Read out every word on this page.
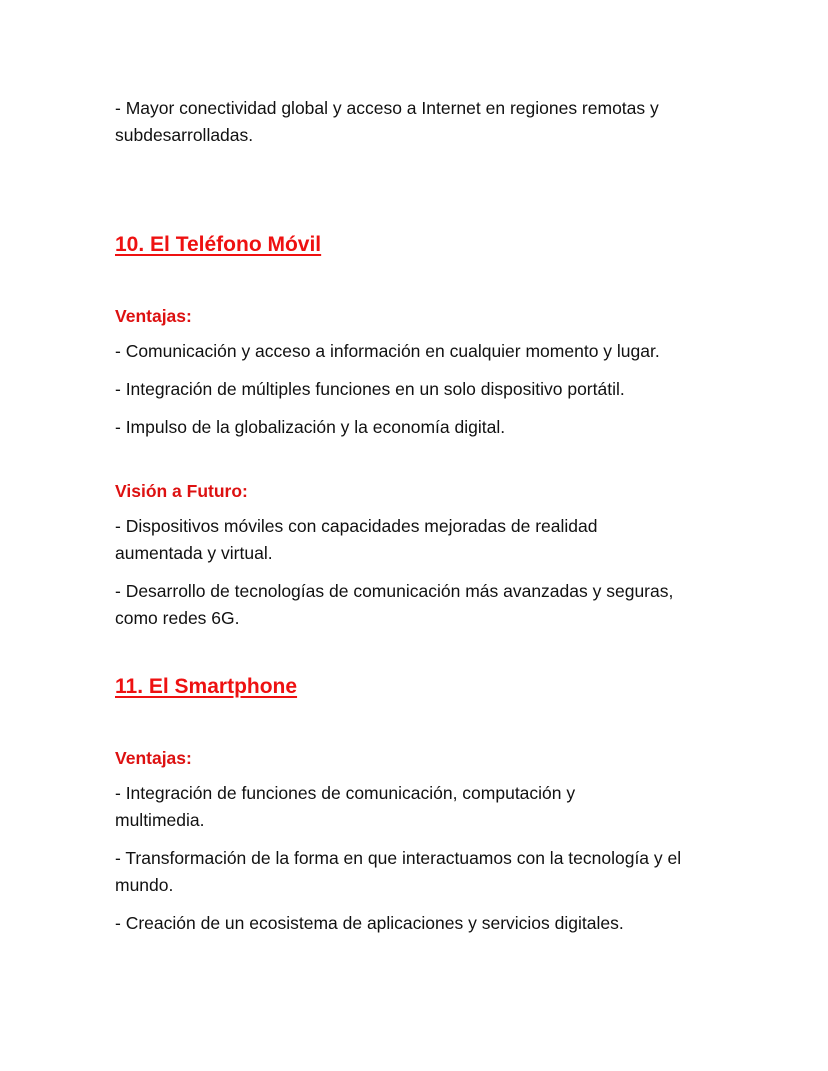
- Mayor conectividad global y acceso a Internet en regiones remotas y subdesarrolladas.

10. El Teléfono Móvil
Ventajas:

- Comunicación y acceso a información en cualquier momento y lugar.

- Integración de múltiples funciones en un solo dispositivo portátil.

- Impulso de la globalización y la economía digital.

Visión a Futuro:

- Dispositivos móviles con capacidades mejoradas de realidad aumentada y virtual.

- Desarrollo de tecnologías de comunicación más avanzadas y seguras, como redes 6G.

11. El Smartphone
Ventajas:

- Integración de funciones de comunicación, computación y multimedia.

- Transformación de la forma en que interactuamos con la tecnología y el mundo.

- Creación de un ecosistema de aplicaciones y servicios digitales.
